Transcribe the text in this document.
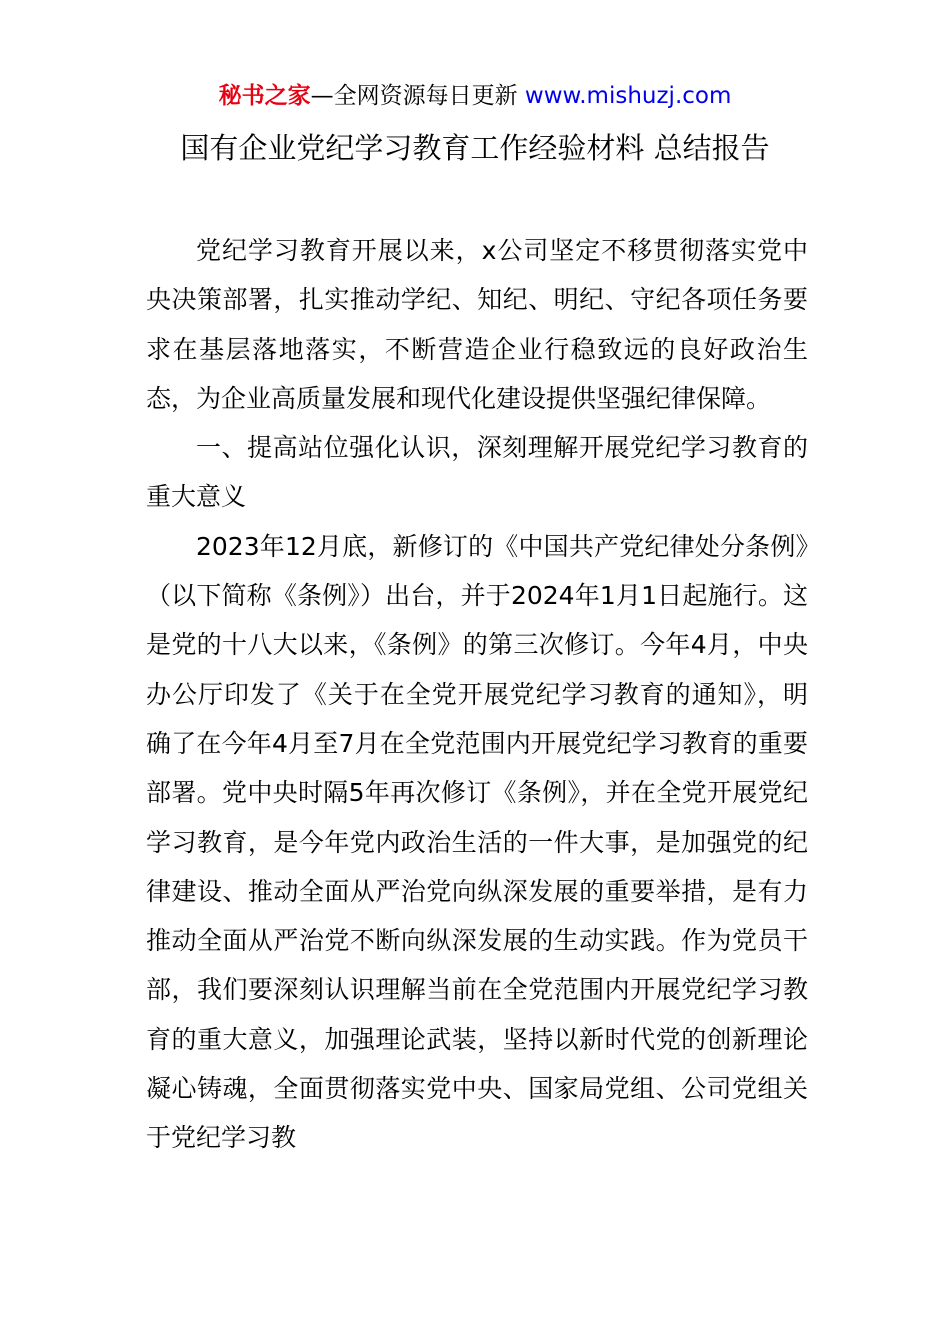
秘书之家—全网资源每日更新 www.mishuzj.com
国有企业党纪学习教育工作经验材料 总结报告

党纪学习教育开展以来，x公司坚定不移贯彻落实党中央决策部署，扎实推动学纪、知纪、明纪、守纪各项任务要求在基层落地落实，不断营造企业行稳致远的良好政治生态，为企业高质量发展和现代化建设提供坚强纪律保障。

一、提高站位强化认识，深刻理解开展党纪学习教育的重大意义

2023年12月底，新修订的《中国共产党纪律处分条例》（以下简称《条例》）出台，并于2024年1月1日起施行。这是党的十八大以来，《条例》的第三次修订。今年4月，中央办公厅印发了《关于在全党开展党纪学习教育的通知》，明确了在今年4月至7月在全党范围内开展党纪学习教育的重要部署。党中央时隔5年再次修订《条例》，并在全党开展党纪学习教育，是今年党内政治生活的一件大事，是加强党的纪律建设、推动全面从严治党向纵深发展的重要举措，是有力推动全面从严治党不断向纵深发展的生动实践。作为党员干部，我们要深刻认识理解当前在全党范围内开展党纪学习教育的重大意义，加强理论武装，坚持以新时代党的创新理论凝心铸魂，全面贯彻落实党中央、国家局党组、公司党组关于党纪学习教
